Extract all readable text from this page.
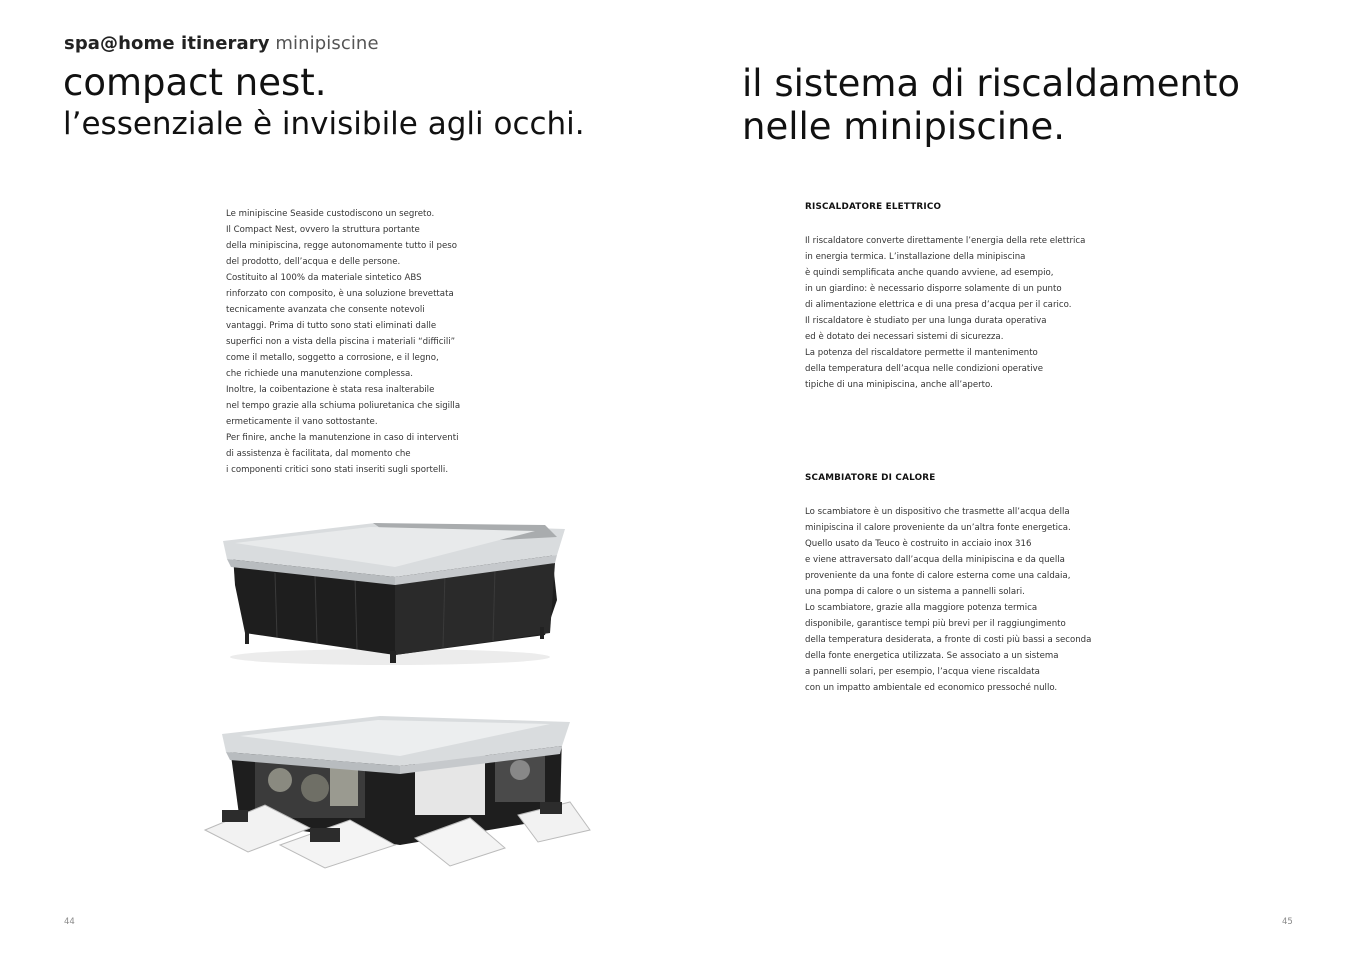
spa@home itinerary minipiscine
compact nest.
l’essenziale è invisibile agli occhi.
il sistema di riscaldamento
nelle minipiscine.
Le minipiscine Seaside custodiscono un segreto.
Il Compact Nest, ovvero la struttura portante
della minipiscina, regge autonomamente tutto il peso
del prodotto, dell’acqua e delle persone.
Costituito al 100% da materiale sintetico ABS
rinforzato con composito, è una soluzione brevettata
tecnicamente avanzata che consente notevoli
vantaggi. Prima di tutto sono stati eliminati dalle
superfici non a vista della piscina i materiali “difficili”
come il metallo, soggetto a corrosione, e il legno,
che richiede una manutenzione complessa.
Inoltre, la coibentazione è stata resa inalterabile
nel tempo grazie alla schiuma poliuretanica che sigilla
ermeticamente il vano sottostante.
Per finire, anche la manutenzione in caso di interventi
di assistenza è facilitata, dal momento che
i componenti critici sono stati inseriti sugli sportelli.
RISCALDATORE ELETTRICO
Il riscaldatore converte direttamente l’energia della rete elettrica
in energia termica. L’installazione della minipiscina
è quindi semplificata anche quando avviene, ad esempio,
in un giardino: è necessario disporre solamente di un punto
di alimentazione elettrica e di una presa d’acqua per il carico.
Il riscaldatore è studiato per una lunga durata operativa
ed è dotato dei necessari sistemi di sicurezza.
La potenza del riscaldatore permette il mantenimento
della temperatura dell’acqua nelle condizioni operative
tipiche di una minipiscina, anche all’aperto.
SCAMBIATORE DI CALORE
Lo scambiatore è un dispositivo che trasmette all’acqua della
minipiscina il calore proveniente da un’altra fonte energetica.
Quello usato da Teuco è costruito in acciaio inox 316
e viene attraversato dall’acqua della minipiscina e da quella
proveniente da una fonte di calore esterna come una caldaia,
una pompa di calore o un sistema a pannelli solari.
Lo scambiatore, grazie alla maggiore potenza termica
disponibile, garantisce tempi più brevi per il raggiungimento
della temperatura desiderata, a fronte di costi più bassi a seconda
della fonte energetica utilizzata. Se associato a un sistema
a pannelli solari, per esempio, l’acqua viene riscaldata
con un impatto ambientale ed economico pressoché nullo.
44	45
